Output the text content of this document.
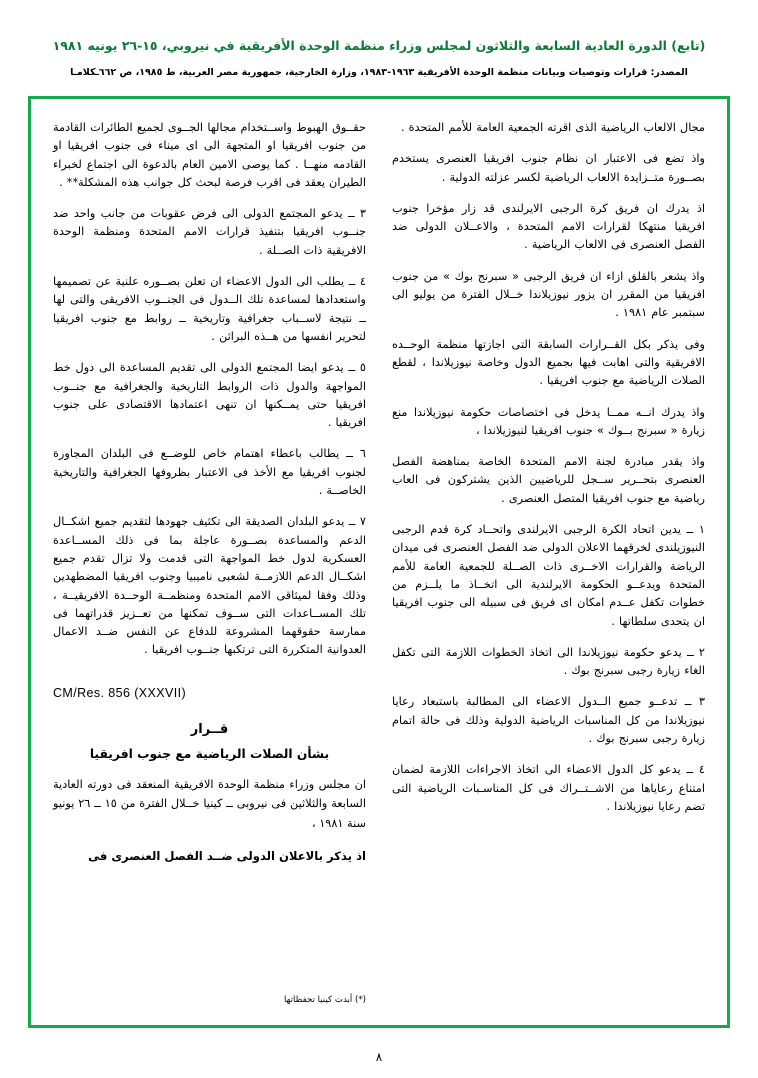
(تابع) الدورة العادية السابعة والثلاثون لمجلس وزراء منظمة الوحدة الأفريقية في نيروبي، ١٥-٢٦ يونيه ١٩٨١
المصدر: قرارات وتوصيات وبيانات منظمة الوحدة الأفريقية ١٩٦٣-١٩٨٣، وزارة الخارجية، جمهورية مصر العربية، ط ١٩٨٥، ص ٦٦٢ـكلامـا

مجال الالعاب الرياضية الذى اقرته الجمعية العامة للأمم المتحدة .

واذ تضع فى الاعتبار ان نظام جنوب افريقيا العنصرى يستخدم بصــورة متــزايدة الالعاب الرياضية لكسر عزلته الدولية .

اذ يدرك ان فريق كرة الرجبى الايرلندى قد زار مؤخرا جنوب افريقيا منتهكا لقرارات الامم المتحدة ، والاعــلان الدولى ضد الفصل العنصرى فى الالعاب الرياضية .

واذ يشعر بالقلق ازاء ان فريق الرجبى « سبرنج بوك » من جنوب افريقيا من المقرر ان يزور نيوزيلاندا خــلال الفترة من يوليو الى سبتمبر عام ١٩٨١ .

وفى يذكر بكل القــرارات السابقة التى اجازتها منظمة الوحــده الافريقية والتى اهابت فيها بجميع الدول وخاصة نيوزيلاندا ، لقطع الصلات الرياضية مع جنوب افريقيا .

واذ يدرك انــه ممــا يدخل فى اختصاصات حكومة نيوزيلاندا منع زيارة « سبرنج بــوك » جنوب افريقيا لنيوزيلاندا ،

واذ يقدر مبادرة لجنة الامم المتحدة الخاصة بمناهضة الفصل العنصرى بتحــرير ســجل للرياضيين الذين يشتركون فى العاب رياضية مع جنوب افريقيا المتصل العنصرى .

١ ــ يدين اتحاد الكرة الرجبى الايرلندى واتحــاد كرة قدم الرجبى النيوزيلندى لخرقهما الاعلان الدولى ضد الفصل العنصرى فى ميدان الرياضة والقرارات الاخــرى ذات الصــلة للجمعية العامة للأمم المتحدة ويدعــو الحكومة الايرلندية الى اتخــاذ ما يلــزم من خطوات تكفل عــدم امكان اى فريق فى سبيله الى جنوب افريقيا ان يتحدى سلطاتها .

٢ ــ يدعو حكومة نيوزيلاندا الى اتخاذ الخطوات اللازمة التى تكفل الغاء زيارة رجبى سبرنج بوك .

٣ ــ تدعــو جميع الــدول الاعضاء الى المطالبة باستبعاد رعايا نيوزيلاندا من كل المناسبات الرياضية الدولية وذلك فى حالة اتمام زيارة رجبى سبرنج بوك .

٤ ــ يدعو كل الدول الاعضاء الى اتخاذ الاجراءات اللازمة لضمان امتناع رعاياها من الاشــتــراك فى كل المناسـبات الرياضية التى تضم رعايا نيوزيلاندا .

حقــوق الهبوط واســتخدام مجالها الجــوى لجميع الطائرات القادمة من جنوب افريقيا او المتجهة الى اى ميناء فى جنوب افريقيا او القادمه منهــا . كما يوصى الامين العام بالدعوة الى اجتماع لخبراء الطيران يعقد فى اقرب فرصة لبحث كل جوانب هذه المشكلة** .

٣ ــ يدعو المجتمع الدولى الى فرض عقوبات من جانب واحد ضد جنــوب افريقيا بتنفيذ قرارات الامم المتحدة ومنظمة الوحدة الافريقية ذات الصــلة .

٤ ــ يطلب الى الدول الاعضاء ان تعلن بصــوره علنية عن تصميمها واستعدادها لمساعدة تلك الــدول فى الجنــوب الافريقى والتى لها ــ نتيجة لاســباب جغرافية وتاريخية ــ روابط مع جنوب افريقيا لتحرير انفسها من هــذه البراثن .

٥ ــ يدعو ايضا المجتمع الدولى الى تقديم المساعدة الى دول خط المواجهة والدول ذات الروابط التاريخية والجغرافية مع جنــوب افريقيا حتى يمــكنها ان تنهى اعتمادها الاقتصادى على جنوب افريقيا .

٦ ــ يطالب باعطاء اهتمام خاص للوضــع فى البلدان المجاورة لجنوب افريقيا مع الأخذ فى الاعتبار بظروفها الجغرافية والتاريخية الخاصــة .

٧ ــ يدعو البلدان الصديقة الى تكثيف جهودها لتقديم جميع اشكــال الدعم والمساعدة بصــورة عاجلة بما فى ذلك المســاعدة العسكرية لدول خط المواجهة التى قدمت ولا تزال تقدم جميع اشكــال الدعم اللازمــة لشعبى ناميبيا وجنوب افريقيا المضطهدين وذلك وفقا لميثاقى الامم المتحدة ومنظمــة الوحــدة الافريقيــة ، تلك المســاعدات التى ســوف تمكنها من تعــزيز قدراتهما فى ممارسة حقوقهما المشروعة للدفاع عن النفس ضــد الاعمال العدوانية المتكررة التى ترتكبها جنــوب افريقيا .

CM/Res. 856 (XXXVII)
قــرار
بشأن الصلات الرياضية مع جنوب افريقيا

ان مجلس وزراء منظمة الوحدة الافريقية المنعقد فى دورته العادية السابعة والثلاثين فى نيروبى ــ كينيا خــلال الفترة من ١٥ ــ ٢٦ يونيو سنة ١٩٨١ ،

اذ يذكر بالاعلان الدولى ضــد الفصل العنصرى فى

(*) أبدت كينيا تحفظاتها
٨
